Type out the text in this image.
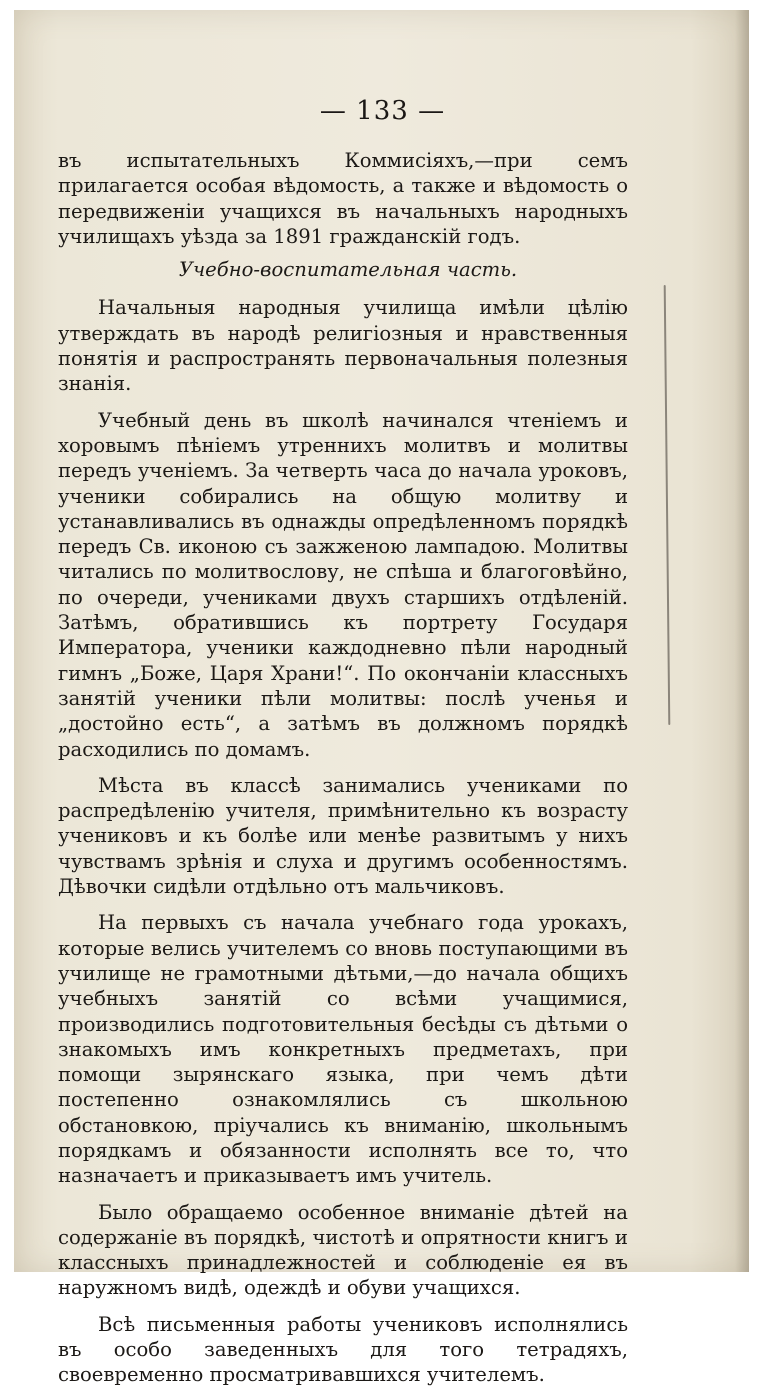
— 133 —

въ испытательныхъ Коммисiяхъ,—при семъ прилагается особая вѣдомость, а также и вѣдомость о передвиженiи учащихся въ начальныхъ народныхъ училищахъ уѣзда за 1891 гражданскiй годъ.

Учебно-воспитательная часть.

Начальныя народныя училища имѣли цѣлiю утверждать въ народѣ религiозныя и нравственныя понятiя и распространять первоначальныя полезныя знанiя.

Учебный день въ школѣ начинался чтенiемъ и хоровымъ пѣнiемъ утреннихъ молитвъ и молитвы передъ ученiемъ. За четверть часа до начала уроковъ, ученики собирались на общую молитву и устанавливались въ однажды опредѣленномъ порядкѣ передъ Св. иконою съ зажженою лампадою. Молитвы читались по молитвослову, не спѣша и благоговѣйно, по очереди, учениками двухъ старшихъ отдѣленiй. Затѣмъ, обратившись къ портрету Государя Императора, ученики каждодневно пѣли народный гимнъ „Боже, Царя Храни!“. По окончанiи классныхъ занятiй ученики пѣли молитвы: послѣ ученья и „достойно есть“, а затѣмъ въ должномъ порядкѣ расходились по домамъ.

Мѣста въ классѣ занимались учениками по распредѣленiю учителя, примѣнительно къ возрасту учениковъ и къ болѣе или менѣе развитымъ у нихъ чувствамъ зрѣнiя и слуха и другимъ особенностямъ. Дѣвочки сидѣли отдѣльно отъ мальчиковъ.

На первыхъ съ начала учебнаго года урокахъ, которые велись учителемъ со вновь поступающими въ училище не грамотными дѣтьми,—до начала общихъ учебныхъ занятiй со всѣми учащимися, производились подготовительныя бесѣды съ дѣтьми о знакомыхъ имъ конкретныхъ предметахъ, при помощи зырянскаго языка, при чемъ дѣти постепенно ознакомлялись съ школьною обстановкою, прiучались къ вниманiю, школьнымъ порядкамъ и обязанности исполнять все то, что назначаетъ и приказываетъ имъ учитель.

Было обращаемо особенное вниманiе дѣтей на содержанiе въ порядкѣ, чистотѣ и опрятности книгъ и классныхъ принадлежностей и соблюденiе ея въ наружномъ видѣ, одеждѣ и обуви учащихся.

Всѣ письменныя работы учениковъ исполнялись въ особо заведенныхъ для того тетрадяхъ, своевременно просматривавшихся учителемъ.
